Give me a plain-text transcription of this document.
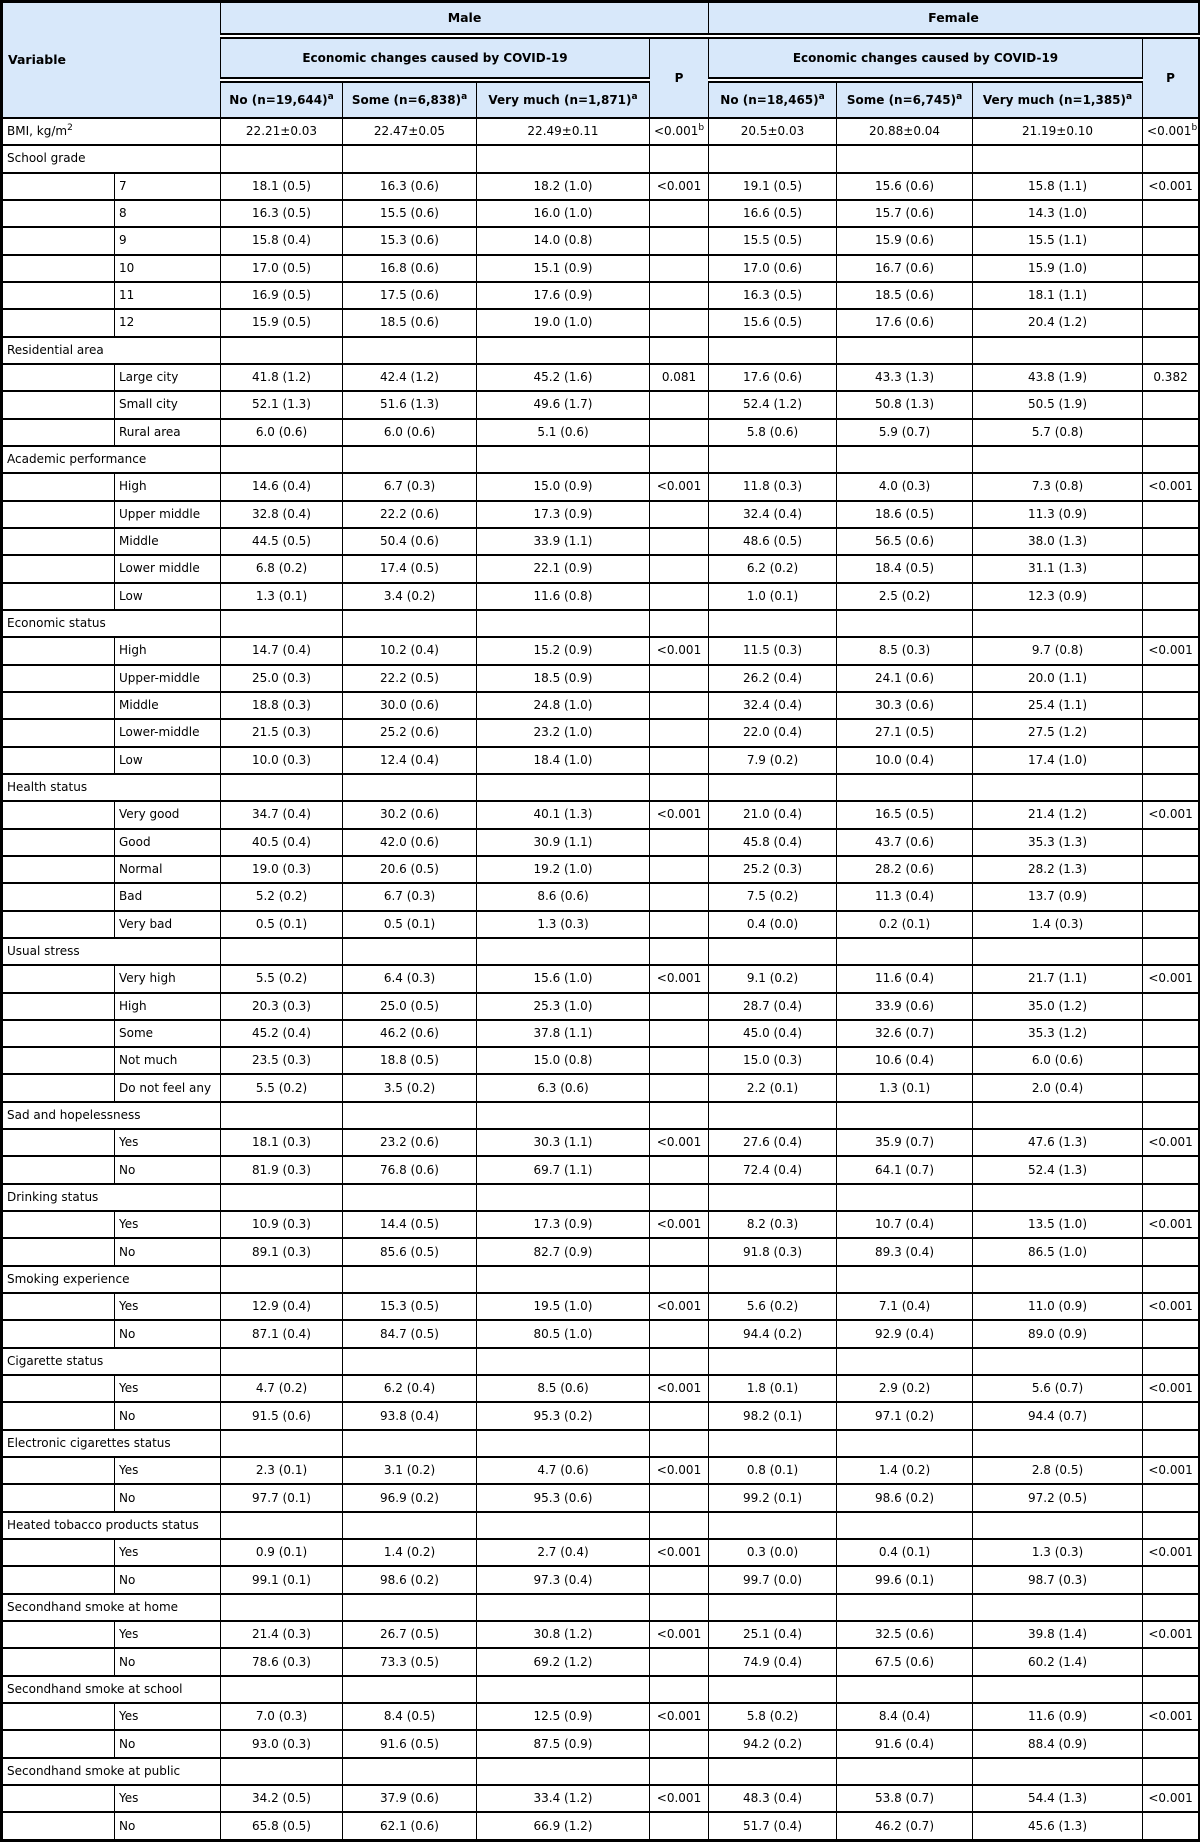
Variable		Male				Female			
		Economic changes caused by COVID-19			P	Economic changes caused by COVID-19			P
		No (n=19,644)$^a$	Some (n=6,838)$^a$	Very much (n=1,871)$^a$		No (n=18,465)$^a$	Some (n=6,745)$^a$	Very much (n=1,385)$^a$
BMI, $kg/m^2$		22.21±0.03	22.47±0.05	22.49±0.11	<0.001$^b$	20.5±0.03	20.88±0.04	21.19±0.10	<0.001$^b$
School grade									
	7	18.1 (0.5)	16.3 (0.6)	18.2 (1.0)	<0.001	19.1 (0.5)	15.6 (0.6)	15.8 (1.1)	<0.001
	8	16.3 (0.5)	15.5 (0.6)	16.0 (1.0)		16.6 (0.5)	15.7 (0.6)	14.3 (1.0)	
	9	15.8 (0.4)	15.3 (0.6)	14.0 (0.8)		15.5 (0.5)	15.9 (0.6)	15.5 (1.1)	
	10	17.0 (0.5)	16.8 (0.6)	15.1 (0.9)		17.0 (0.6)	16.7 (0.6)	15.9 (1.0)	
	11	16.9 (0.5)	17.5 (0.6)	17.6 (0.9)		16.3 (0.5)	18.5 (0.6)	18.1 (1.1)	
	12	15.9 (0.5)	18.5 (0.6)	19.0 (1.0)		15.6 (0.5)	17.6 (0.6)	20.4 (1.2)	
Residential area									
	Large city	41.8 (1.2)	42.4 (1.2)	45.2 (1.6)	0.081	17.6 (0.6)	43.3 (1.3)	43.8 (1.9)	0.382
	Small city	52.1 (1.3)	51.6 (1.3)	49.6 (1.7)		52.4 (1.2)	50.8 (1.3)	50.5 (1.9)	
	Rural area	6.0 (0.6)	6.0 (0.6)	5.1 (0.6)		5.8 (0.6)	5.9 (0.7)	5.7 (0.8)	
Academic performance									
	High	14.6 (0.4)	6.7 (0.3)	15.0 (0.9)	<0.001	11.8 (0.3)	4.0 (0.3)	7.3 (0.8)	<0.001
	Upper middle	32.8 (0.4)	22.2 (0.6)	17.3 (0.9)		32.4 (0.4)	18.6 (0.5)	11.3 (0.9)	
	Middle	44.5 (0.5)	50.4 (0.6)	33.9 (1.1)		48.6 (0.5)	56.5 (0.6)	38.0 (1.3)	
	Lower middle	6.8 (0.2)	17.4 (0.5)	22.1 (0.9)		6.2 (0.2)	18.4 (0.5)	31.1 (1.3)	
	Low	1.3 (0.1)	3.4 (0.2)	11.6 (0.8)		1.0 (0.1)	2.5 (0.2)	12.3 (0.9)	
Economic status									
	High	14.7 (0.4)	10.2 (0.4)	15.2 (0.9)	<0.001	11.5 (0.3)	8.5 (0.3)	9.7 (0.8)	<0.001
	Upper-middle	25.0 (0.3)	22.2 (0.5)	18.5 (0.9)		26.2 (0.4)	24.1 (0.6)	20.0 (1.1)	
	Middle	18.8 (0.3)	30.0 (0.6)	24.8 (1.0)		32.4 (0.4)	30.3 (0.6)	25.4 (1.1)	
	Lower-middle	21.5 (0.3)	25.2 (0.6)	23.2 (1.0)		22.0 (0.4)	27.1 (0.5)	27.5 (1.2)	
	Low	10.0 (0.3)	12.4 (0.4)	18.4 (1.0)		7.9 (0.2)	10.0 (0.4)	17.4 (1.0)	
Health status									
	Very good	34.7 (0.4)	30.2 (0.6)	40.1 (1.3)	<0.001	21.0 (0.4)	16.5 (0.5)	21.4 (1.2)	<0.001
	Good	40.5 (0.4)	42.0 (0.6)	30.9 (1.1)		45.8 (0.4)	43.7 (0.6)	35.3 (1.3)	
	Normal	19.0 (0.3)	20.6 (0.5)	19.2 (1.0)		25.2 (0.3)	28.2 (0.6)	28.2 (1.3)	
	Bad	5.2 (0.2)	6.7 (0.3)	8.6 (0.6)		7.5 (0.2)	11.3 (0.4)	13.7 (0.9)	
	Very bad	0.5 (0.1)	0.5 (0.1)	1.3 (0.3)		0.4 (0.0)	0.2 (0.1)	1.4 (0.3)	
Usual stress									
	Very high	5.5 (0.2)	6.4 (0.3)	15.6 (1.0)	<0.001	9.1 (0.2)	11.6 (0.4)	21.7 (1.1)	<0.001
	High	20.3 (0.3)	25.0 (0.5)	25.3 (1.0)		28.7 (0.4)	33.9 (0.6)	35.0 (1.2)	
	Some	45.2 (0.4)	46.2 (0.6)	37.8 (1.1)		45.0 (0.4)	32.6 (0.7)	35.3 (1.2)	
	Not much	23.5 (0.3)	18.8 (0.5)	15.0 (0.8)		15.0 (0.3)	10.6 (0.4)	6.0 (0.6)	
	Do not feel any	5.5 (0.2)	3.5 (0.2)	6.3 (0.6)		2.2 (0.1)	1.3 (0.1)	2.0 (0.4)	
Sad and hopelessness									
	Yes	18.1 (0.3)	23.2 (0.6)	30.3 (1.1)	<0.001	27.6 (0.4)	35.9 (0.7)	47.6 (1.3)	<0.001
	No	81.9 (0.3)	76.8 (0.6)	69.7 (1.1)		72.4 (0.4)	64.1 (0.7)	52.4 (1.3)	
Drinking status									
	Yes	10.9 (0.3)	14.4 (0.5)	17.3 (0.9)	<0.001	8.2 (0.3)	10.7 (0.4)	13.5 (1.0)	<0.001
	No	89.1 (0.3)	85.6 (0.5)	82.7 (0.9)		91.8 (0.3)	89.3 (0.4)	86.5 (1.0)	
Smoking experience									
	Yes	12.9 (0.4)	15.3 (0.5)	19.5 (1.0)	<0.001	5.6 (0.2)	7.1 (0.4)	11.0 (0.9)	<0.001
	No	87.1 (0.4)	84.7 (0.5)	80.5 (1.0)		94.4 (0.2)	92.9 (0.4)	89.0 (0.9)	
Cigarette status									
	Yes	4.7 (0.2)	6.2 (0.4)	8.5 (0.6)	<0.001	1.8 (0.1)	2.9 (0.2)	5.6 (0.7)	<0.001
	No	91.5 (0.6)	93.8 (0.4)	95.3 (0.2)		98.2 (0.1)	97.1 (0.2)	94.4 (0.7)	
Electronic cigarettes status									
	Yes	2.3 (0.1)	3.1 (0.2)	4.7 (0.6)	<0.001	0.8 (0.1)	1.4 (0.2)	2.8 (0.5)	<0.001
	No	97.7 (0.1)	96.9 (0.2)	95.3 (0.6)		99.2 (0.1)	98.6 (0.2)	97.2 (0.5)	
Heated tobacco products status									
	Yes	0.9 (0.1)	1.4 (0.2)	2.7 (0.4)	<0.001	0.3 (0.0)	0.4 (0.1)	1.3 (0.3)	<0.001
	No	99.1 (0.1)	98.6 (0.2)	97.3 (0.4)		99.7 (0.0)	99.6 (0.1)	98.7 (0.3)	
Secondhand smoke at home									
	Yes	21.4 (0.3)	26.7 (0.5)	30.8 (1.2)	<0.001	25.1 (0.4)	32.5 (0.6)	39.8 (1.4)	<0.001
	No	78.6 (0.3)	73.3 (0.5)	69.2 (1.2)		74.9 (0.4)	67.5 (0.6)	60.2 (1.4)	
Secondhand smoke at school									
	Yes	7.0 (0.3)	8.4 (0.5)	12.5 (0.9)	<0.001	5.8 (0.2)	8.4 (0.4)	11.6 (0.9)	<0.001
	No	93.0 (0.3)	91.6 (0.5)	87.5 (0.9)		94.2 (0.2)	91.6 (0.4)	88.4 (0.9)	
Secondhand smoke at public									
	Yes	34.2 (0.5)	37.9 (0.6)	33.4 (1.2)	<0.001	48.3 (0.4)	53.8 (0.7)	54.4 (1.3)	<0.001
	No	65.8 (0.5)	62.1 (0.6)	66.9 (1.2)		51.7 (0.4)	46.2 (0.7)	45.6 (1.3)	
